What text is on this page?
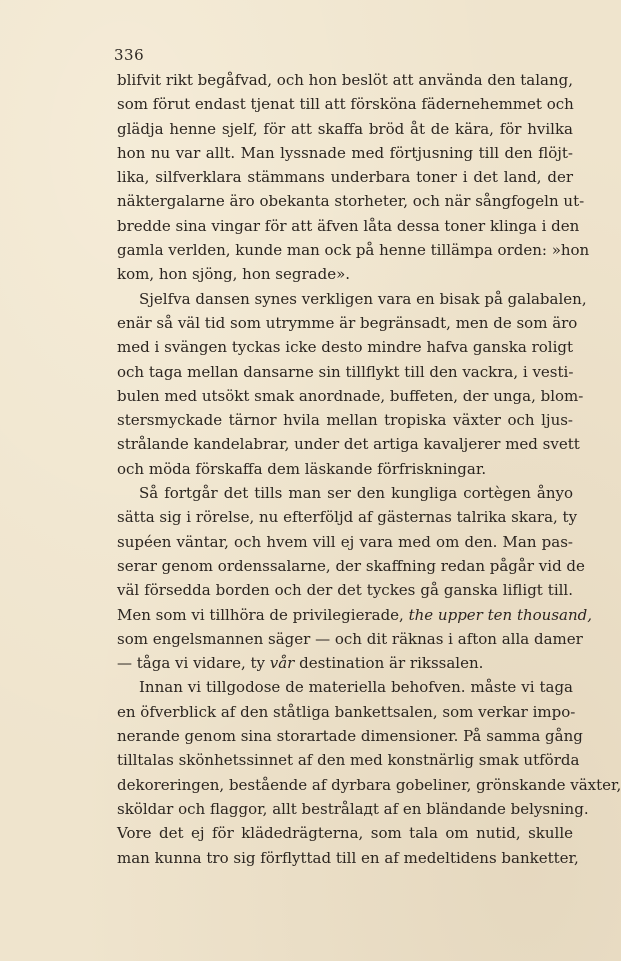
336
blifvit rikt begåfvad, och hon beslöt att använda den talang,
som förut endast tjenat till att försköna fädernehemmet och
glädja henne sjelf, för att skaffa bröd åt de kära, för hvilka
hon nu var allt. Man lyssnade med förtjusning till den flöjt-
lika, silfverklara stämmans underbara toner i det land, der
näktergalarne äro obekanta storheter, och när sångfogeln ut-
bredde sina vingar för att äfven låta dessa toner klinga i den
gamla verlden, kunde man ock på henne tillämpa orden: »hon
kom, hon sjöng, hon segrade».
Sjelfva dansen synes verkligen vara en bisak på galabalen,
enär så väl tid som utrymme är begränsadt, men de som äro
med i svängen tyckas icke desto mindre hafva ganska roligt
och taga mellan dansarne sin tillflykt till den vackra, i vesti-
bulen med utsökt smak anordnade, buffeten, der unga, blom-
stersmyckade tärnor hvila mellan tropiska växter och ljus-
strålande kandelabrar, under det artiga kavaljerer med svett
och möda förskaffa dem läskande förfriskningar.
Så fortgår det tills man ser den kungliga cortègen ånyo
sätta sig i rörelse, nu efterföljd af gästernas talrika skara, ty
supéen väntar, och hvem vill ej vara med om den. Man pas-
serar genom ordenssalarne, der skaffning redan pågår vid de
väl försedda borden och der det tyckes gå ganska lifligt till.
Men som vi tillhöra de privilegierade, the upper ten thousand,
som engelsmannen säger — och dit räknas i afton alla damer
— tåga vi vidare, ty vår destination är rikssalen.
Innan vi tillgodose de materiella behofven. måste vi taga
en öfverblick af den ståtliga bankettsalen, som verkar impo-
nerande genom sina storartade dimensioner. På samma gång
tilltalas skönhetssinnet af den med konstnärlig smak utförda
dekoreringen, bestående af dyrbara gobeliner, grönskande växter,
sköldar och flaggor, allt bestrålадt af en bländande belysning.
Vore det ej för klädedrägterna, som tala om nutid, skulle
man kunna tro sig förflyttad till en af medeltidens banketter,
